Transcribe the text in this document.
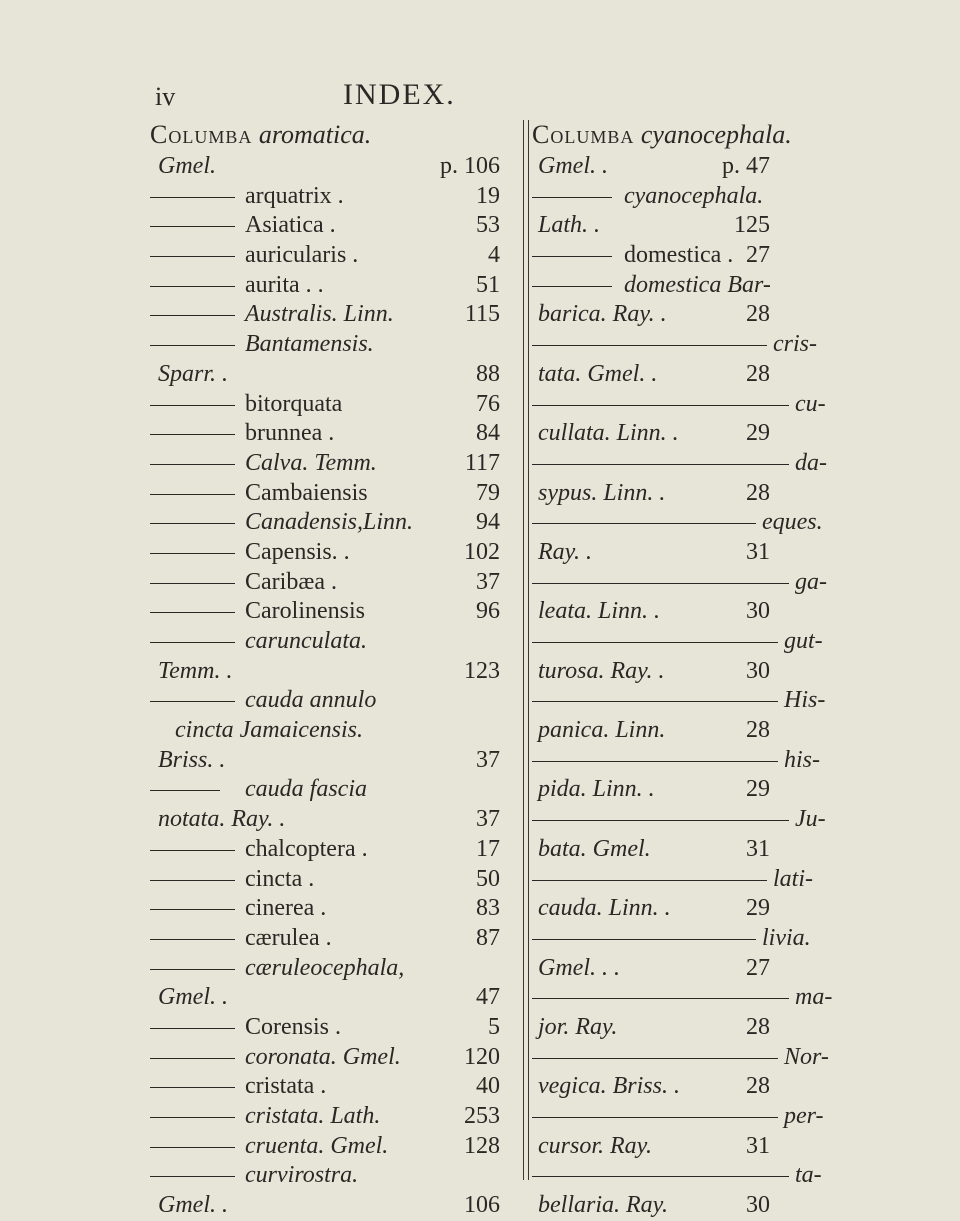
iv	INDEX.
Columba aromatica.
Gmel.	p. 106
arquatrix .	19
Asiatica .	53
auricularis .	4
aurita . .	51
Australis. Linn.	115
Bantamensis.
Sparr. .	88
bitorquata	76
brunnea .	84
Calva. Temm.	117
Cambaiensis	79
Canadensis,Linn.	94
Capensis. .	102
Caribæa .	37
Carolinensis	96
carunculata.
Temm. .	123
cauda annulo
cincta Jamaicensis.
Briss. .	37
cauda fascia
notata. Ray. .	37
chalcoptera .	17
cincta .	50
cinerea .	83
cærulea .	87
cæruleocephala,
Gmel. .	47
Corensis .	5
coronata. Gmel.	120
cristata .	40
cristata. Lath.	253
cruenta. Gmel.	128
curvirostra.
Gmel. .	106
Columba cyanocephala.
Gmel. .	p. 47
cyanocephala.
Lath. .	125
domestica . 27
domestica Bar-
barica. Ray. .	28
cris-
tata. Gmel. .	28
cu-
cullata. Linn. .	29
da-
sypus. Linn. .	28
eques.
Ray. .	31
ga-
leata. Linn. .	30
gut-
turosa. Ray. .	30
His-
panica. Linn.	28
his-
pida. Linn. .	29
Ju-
bata. Gmel.	31
lati-
cauda. Linn. .	29
livia.
Gmel. . .	27
ma-
jor. Ray.	28
Nor-
vegica. Briss. .	28
per-
cursor. Ray.	31
ta-
bellaria. Ray.	30
